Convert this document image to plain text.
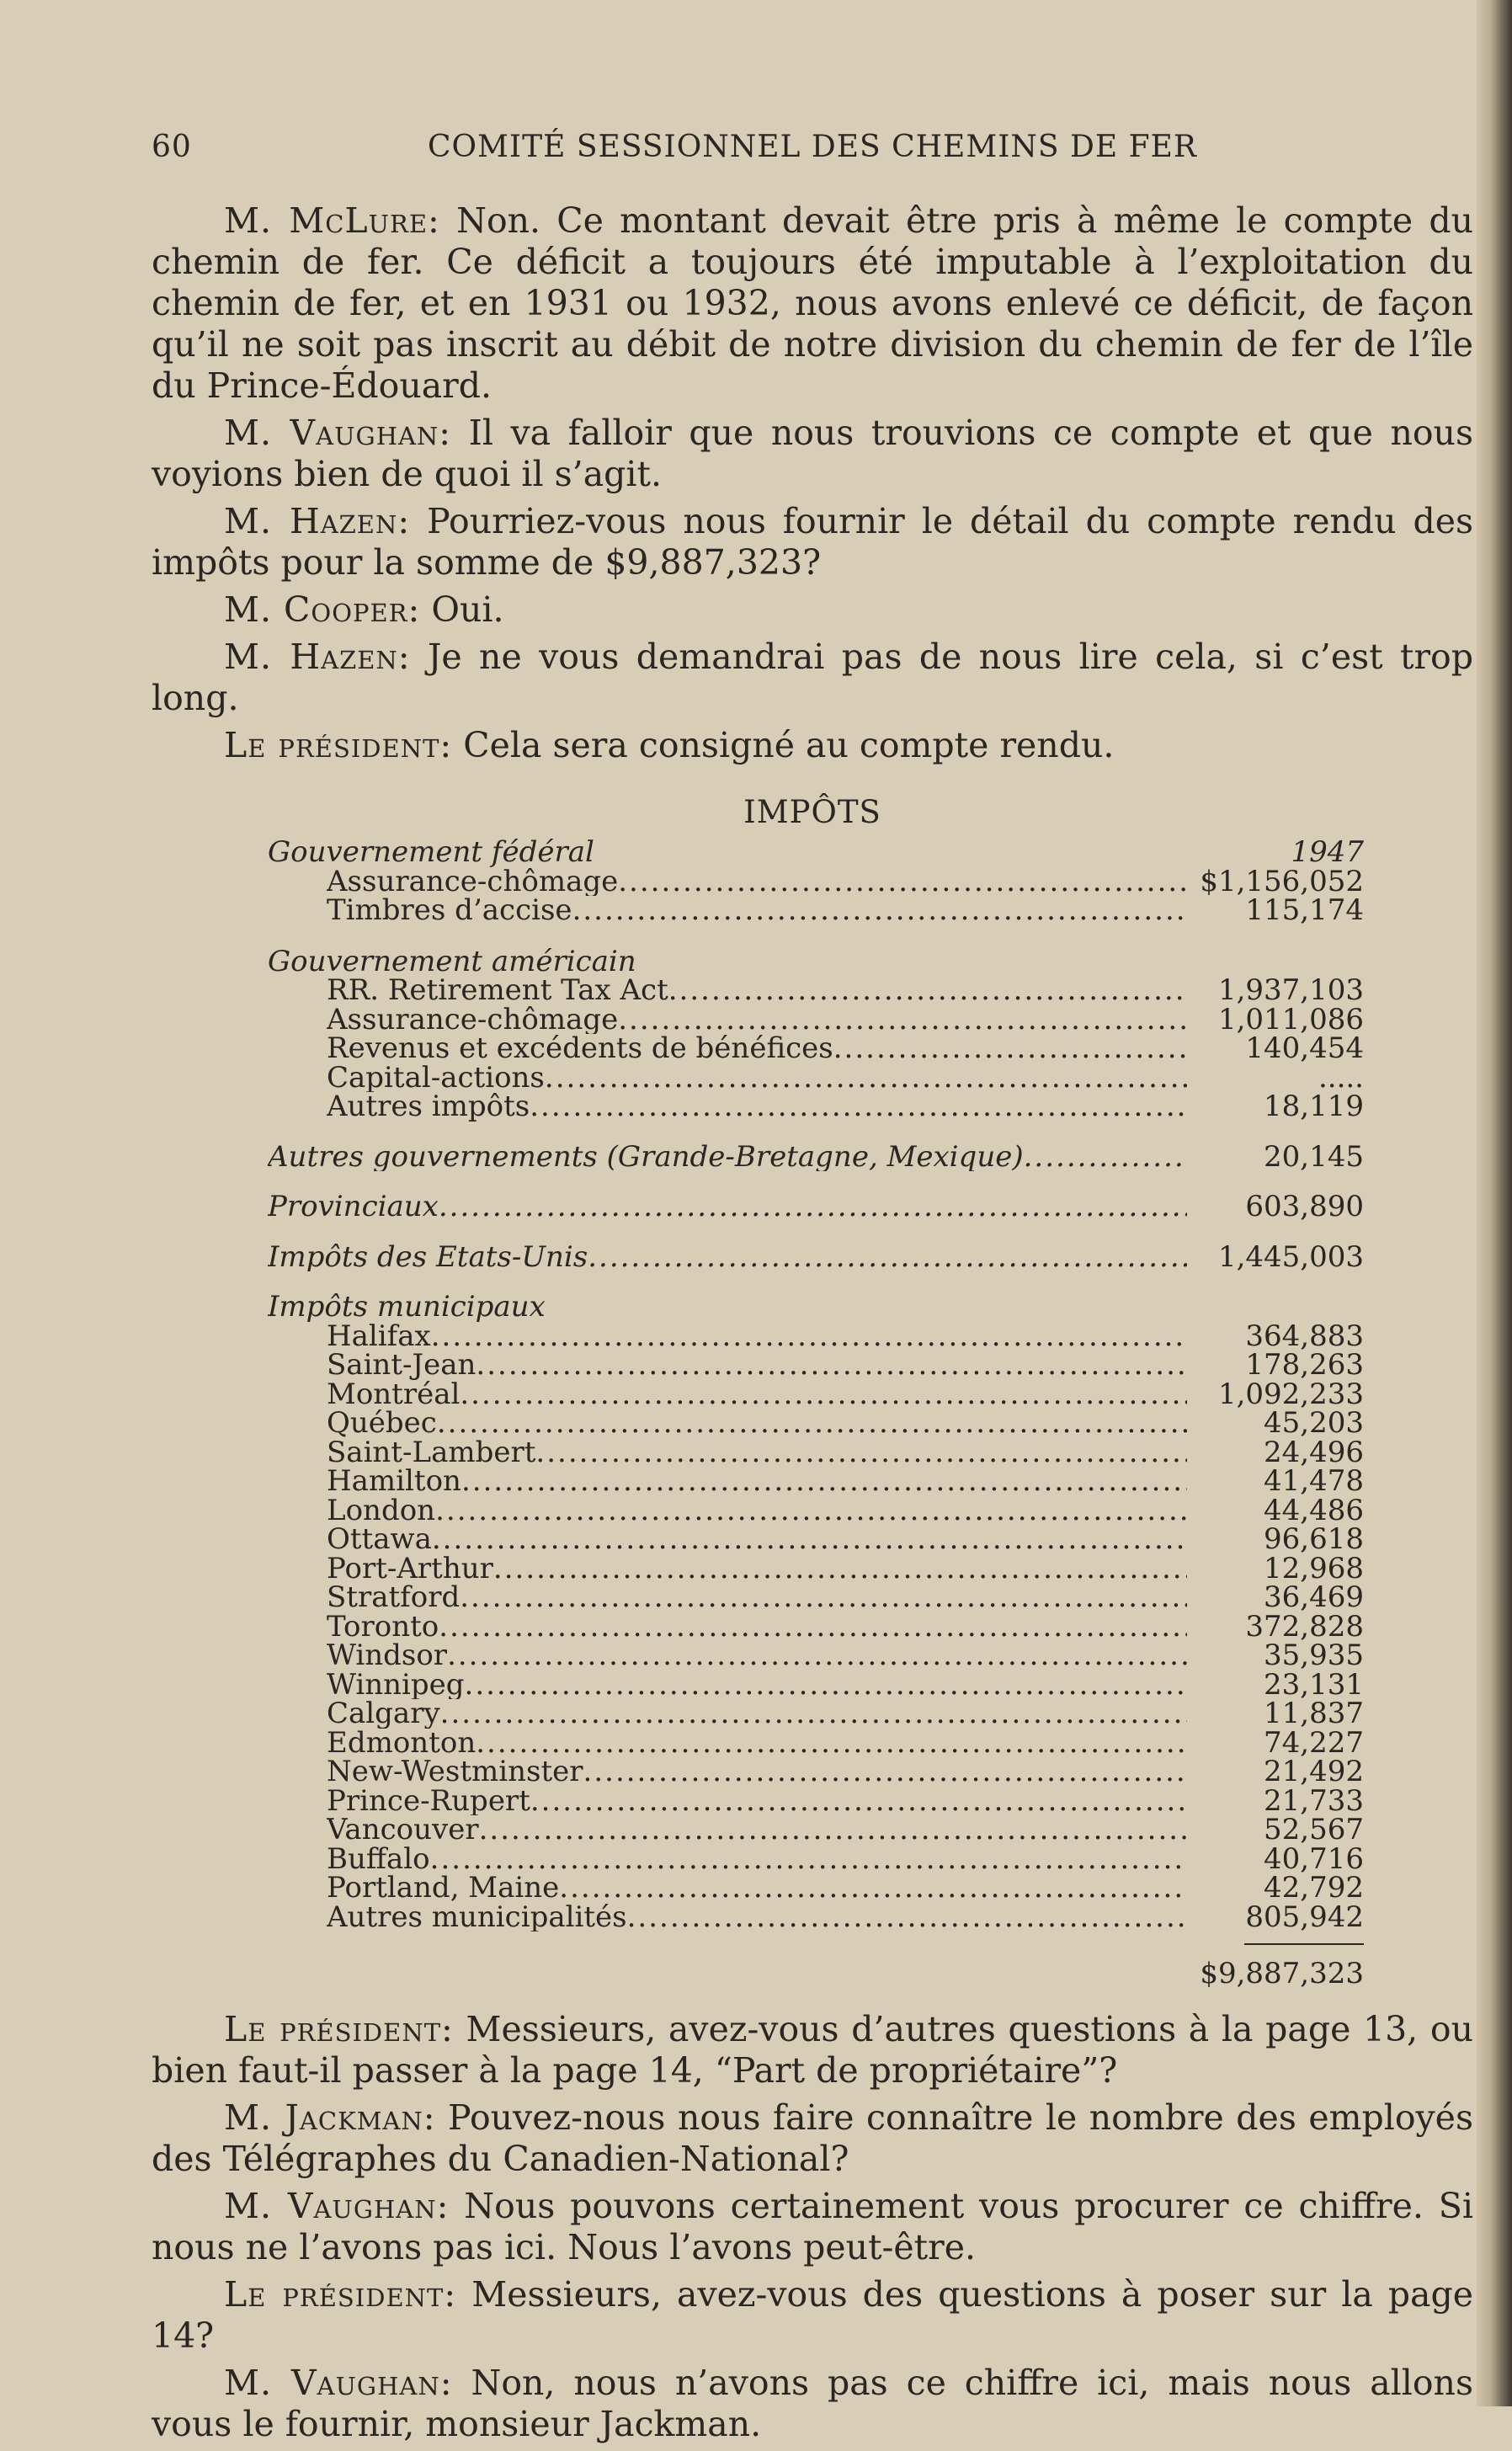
60	COMITÉ SESSIONNEL DES CHEMINS DE FER

M. McLure: Non. Ce montant devait être pris à même le compte du chemin de fer. Ce déficit a toujours été imputable à l’exploitation du chemin de fer, et en 1931 ou 1932, nous avons enlevé ce déficit, de façon qu’il ne soit pas inscrit au débit de notre division du chemin de fer de l’île du Prince-Édouard.

M. Vaughan: Il va falloir que nous trouvions ce compte et que nous voyions bien de quoi il s’agit.

M. Hazen: Pourriez-vous nous fournir le détail du compte rendu des impôts pour la somme de $9,887,323?

M. Cooper: Oui.

M. Hazen: Je ne vous demandrai pas de nous lire cela, si c’est trop long.

Le président: Cela sera consigné au compte rendu.

IMPÔTS
Gouvernement fédéral	1947
Assurance-chômage .....	$1,156,052
Timbres d’accise .....	115,174
Gouvernement américain
RR. Retirement Tax Act .....	1,937,103
Assurance-chômage .....	1,011,086
Revenus et excédents de bénéfices .....	140,454
Capital-actions .....	.....
Autres impôts .....	18,119
Autres gouvernements (Grande-Bretagne, Mexique) .....	20,145
Provinciaux .....	603,890
Impôts des Etats-Unis .....	1,445,003
Impôts municipaux
Halifax .....	364,883
Saint-Jean .....	178,263
Montréal .....	1,092,233
Québec .....	45,203
Saint-Lambert .....	24,496
Hamilton .....	41,478
London .....	44,486
Ottawa .....	96,618
Port-Arthur .....	12,968
Stratford .....	36,469
Toronto .....	372,828
Windsor .....	35,935
Winnipeg .....	23,131
Calgary .....	11,837
Edmonton .....	74,227
New-Westminster .....	21,492
Prince-Rupert .....	21,733
Vancouver .....	52,567
Buffalo .....	40,716
Portland, Maine .....	42,792
Autres municipalités .....	805,942
$9,887,323

Le président: Messieurs, avez-vous d’autres questions à la page 13, ou bien faut-il passer à la page 14, “Part de propriétaire”?

M. Jackman: Pouvez-nous nous faire connaître le nombre des employés des Télégraphes du Canadien-National?

M. Vaughan: Nous pouvons certainement vous procurer ce chiffre. Si nous ne l’avons pas ici. Nous l’avons peut-être.

Le président: Messieurs, avez-vous des questions à poser sur la page 14?

M. Vaughan: Non, nous n’avons pas ce chiffre ici, mais nous allons vous le fournir, monsieur Jackman.
